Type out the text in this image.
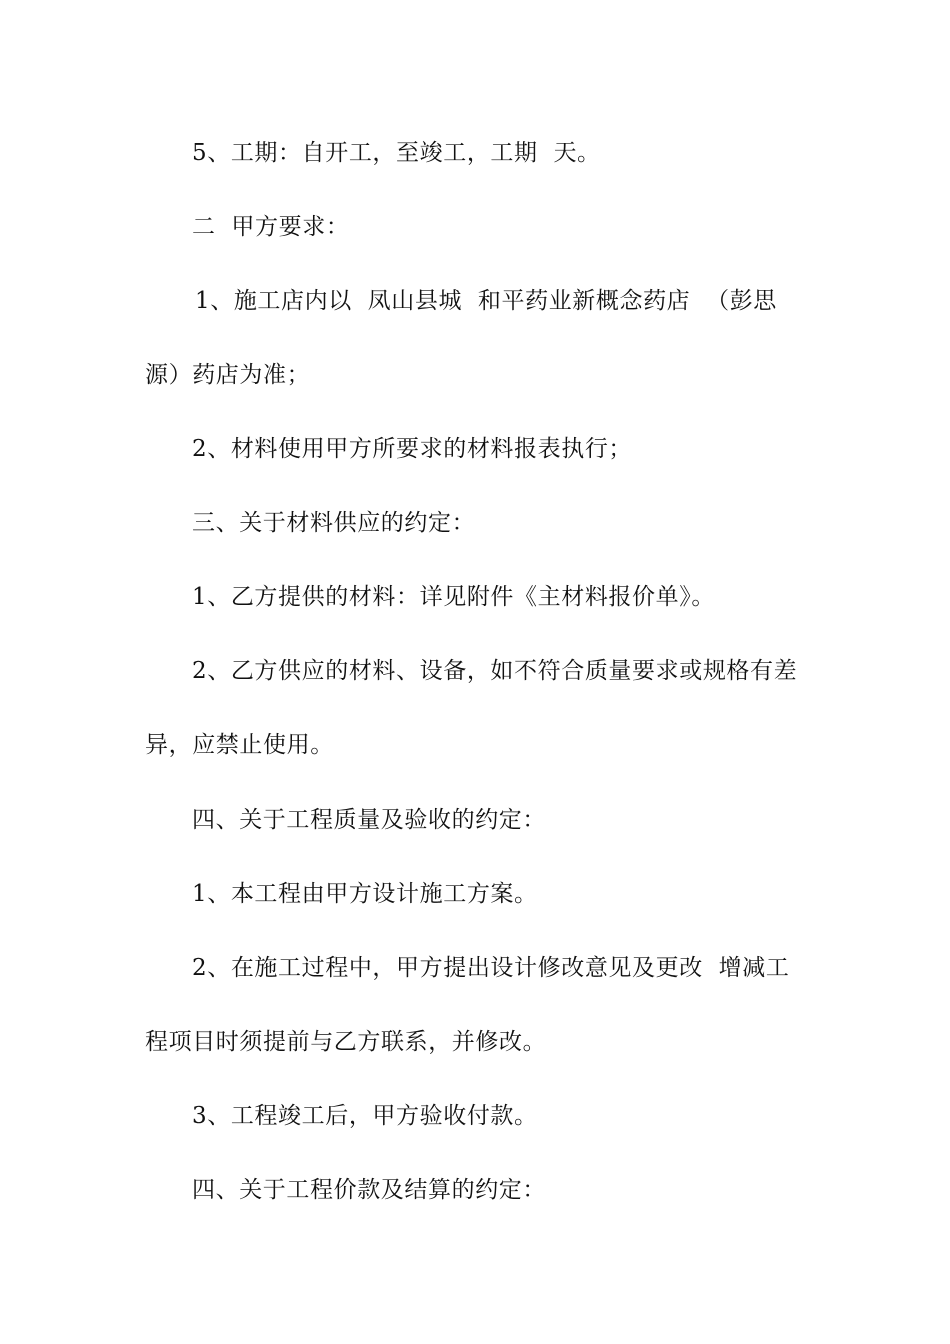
5、工期：自开工，至竣工，工期  天。
二  甲方要求：
1、施工店内以  凤山县城  和平药业新概念药店  （彭思
源）药店为准；
2、材料使用甲方所要求的材料报表执行；
三、关于材料供应的约定：
1、乙方提供的材料：详见附件《主材料报价单》。
2、乙方供应的材料、设备，如不符合质量要求或规格有差
异，应禁止使用。
四、关于工程质量及验收的约定：
1、本工程由甲方设计施工方案。
2、在施工过程中，甲方提出设计修改意见及更改  增减工
程项目时须提前与乙方联系，并修改。
3、工程竣工后，甲方验收付款。
四、关于工程价款及结算的约定：
